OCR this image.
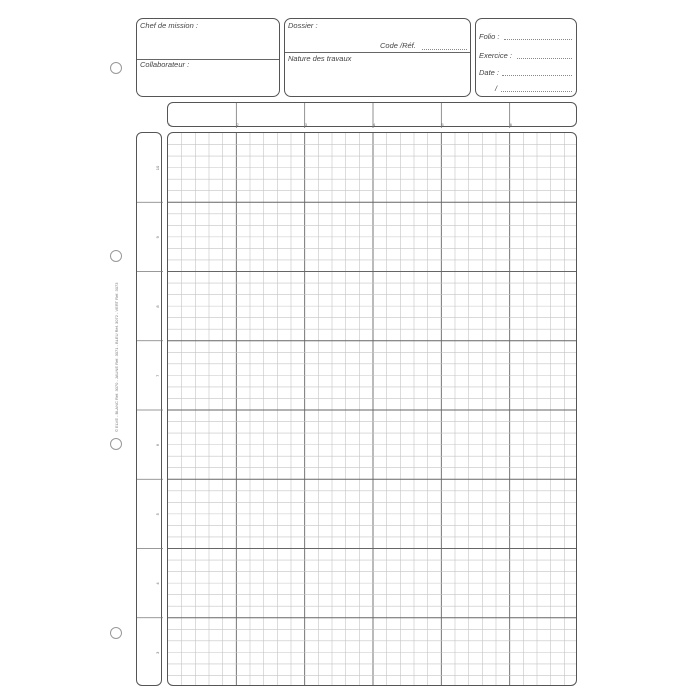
© ELVE - BLANC Réf. 3070 - JAUNE Réf. 3071 - BLEU Réf. 3072 - VERT Réf. 3073
Chef de mission :
Collaborateur :
Dossier :
Code /Réf.
Nature des travaux
Folio :
Exercice :
Date :
/
1	2	3	4	5	6
10
9
8
7
6
5
4
3
